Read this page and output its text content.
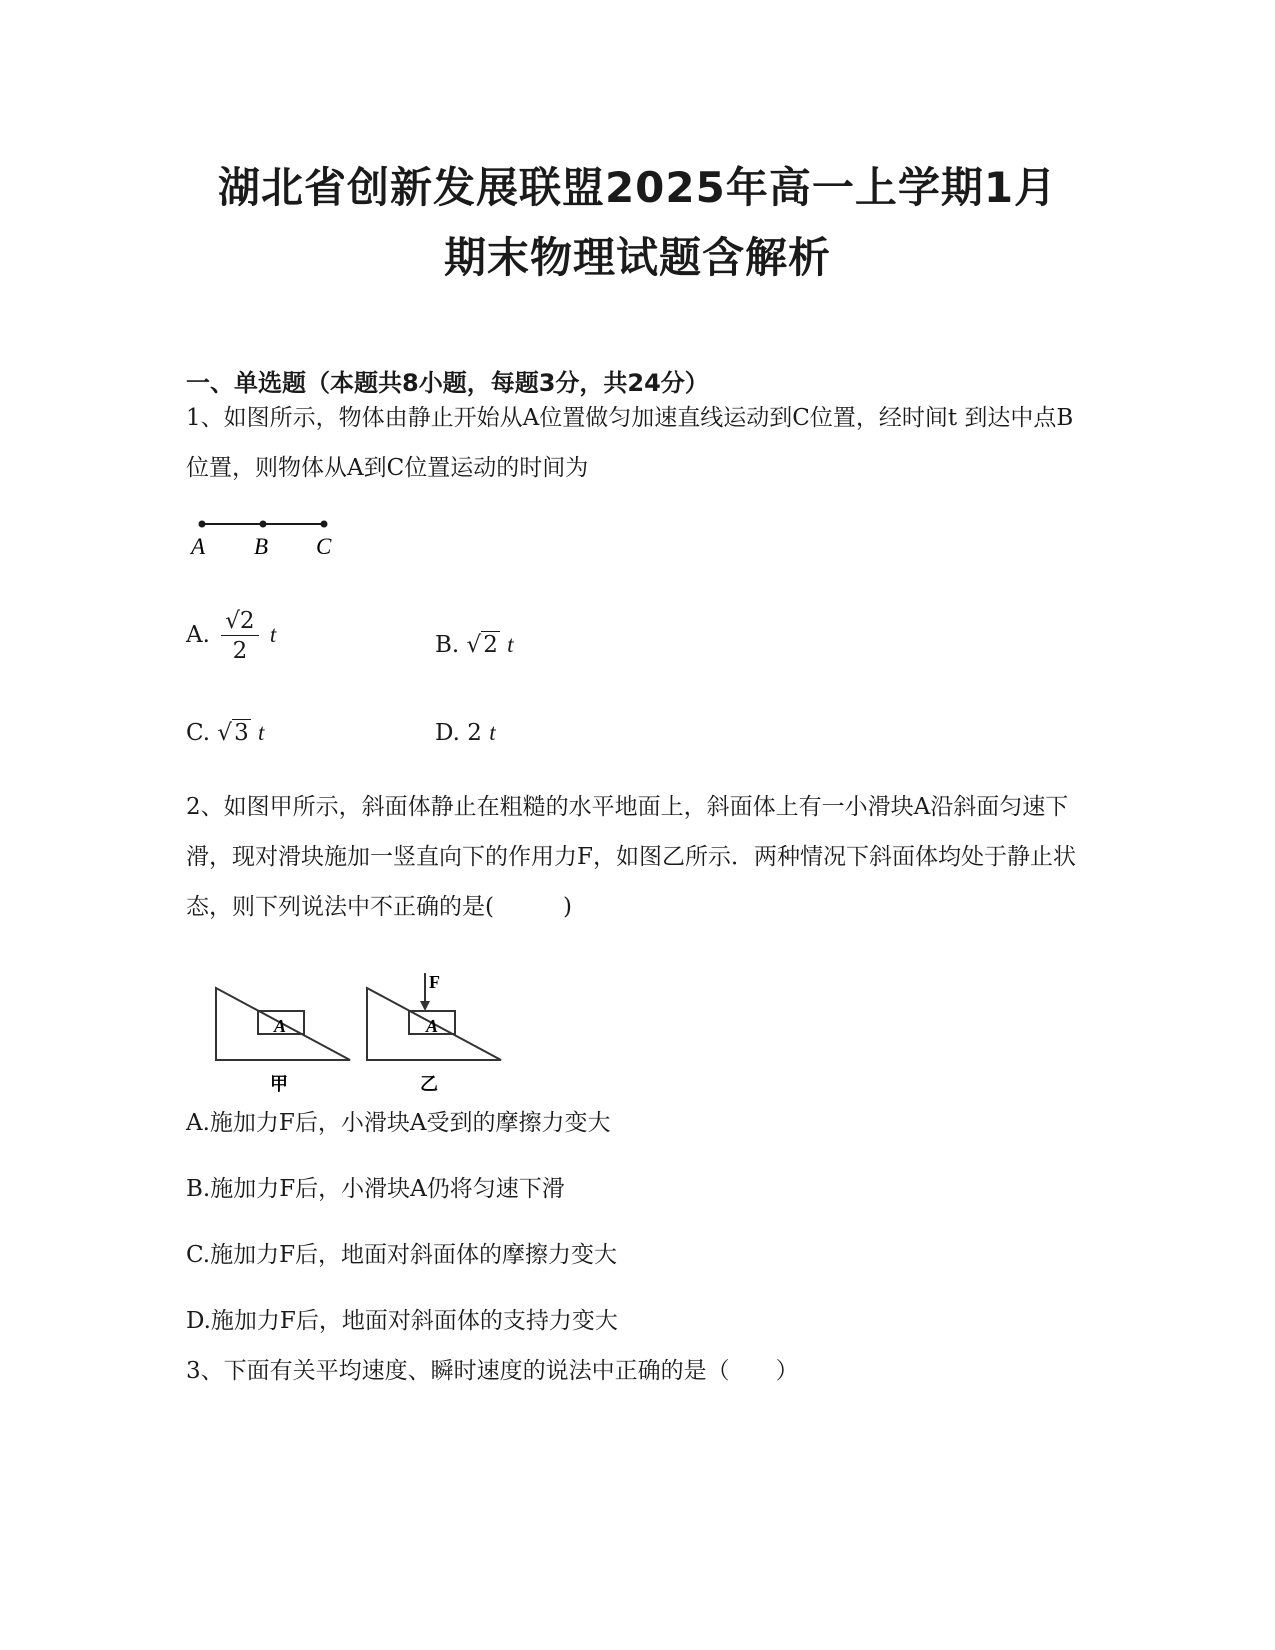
湖北省创新发展联盟2025年高一上学期1月
期末物理试题含解析
一、单选题（本题共8小题，每题3分，共24分）
1、如图所示，物体由静止开始从A位置做匀加速直线运动到C位置，经时间t 到达中点B位置，则物体从A到C位置运动的时间为
A B C
A. $\frac{√2}{2}$ t	B. √2 t
C. √3 t	D. 2 t
2、如图甲所示，斜面体静止在粗糙的水平地面上，斜面体上有一小滑块A沿斜面匀速下滑，现对滑块施加一竖直向下的作用力F，如图乙所示．两种情况下斜面体均处于静止状态，则下列说法中不正确的是(　　　)
A
甲
A
F
乙
A.施加力F后，小滑块A受到的摩擦力变大
B.施加力F后，小滑块A仍将匀速下滑
C.施加力F后，地面对斜面体的摩擦力变大
D.施加力F后，地面对斜面体的支持力变大
3、下面有关平均速度、瞬时速度的说法中正确的是（　　）
